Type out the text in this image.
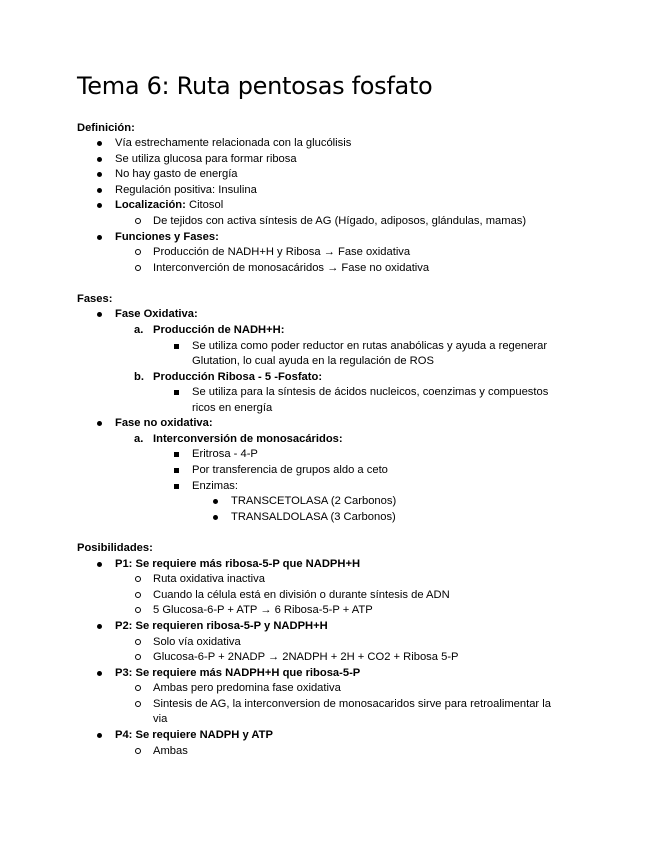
Tema 6: Ruta pentosas fosfato
Definición:
Vía estrechamente relacionada con la glucólisis
Se utiliza glucosa para formar ribosa
No hay gasto de energía
Regulación positiva: Insulina
Localización: Citosol
De tejidos con activa síntesis de AG (Hígado, adiposos, glándulas, mamas)
Funciones y Fases:
Producción de NADH+H y Ribosa → Fase oxidativa
Interconverción de monosacáridos → Fase no oxidativa
Fases:
Fase Oxidativa:
a. Producción de NADH+H:
Se utiliza como poder reductor en rutas anabólicas y ayuda a regenerar
Glutation, lo cual ayuda en la regulación de ROS
b. Producción Ribosa - 5 -Fosfato:
Se utiliza para la síntesis de ácidos nucleicos, coenzimas y compuestos
ricos en energía
Fase no oxidativa:
a. Interconversión de monosacáridos:
Eritrosa - 4-P
Por transferencia de grupos aldo a ceto
Enzimas:
TRANSCETOLASA (2 Carbonos)
TRANSALDOLASA (3 Carbonos)
Posibilidades:
P1: Se requiere más ribosa-5-P que NADPH+H
Ruta oxidativa inactiva
Cuando la célula está en división o durante síntesis de ADN
5 Glucosa-6-P + ATP → 6 Ribosa-5-P + ATP
P2: Se requieren ribosa-5-P y NADPH+H
Solo vía oxidativa
Glucosa-6-P + 2NADP → 2NADPH + 2H + CO2 + Ribosa 5-P
P3: Se requiere más NADPH+H que ribosa-5-P
Ambas pero predomina fase oxidativa
Sintesis de AG, la interconversion de monosacaridos sirve para retroalimentar la
via
P4: Se requiere NADPH y ATP
Ambas
